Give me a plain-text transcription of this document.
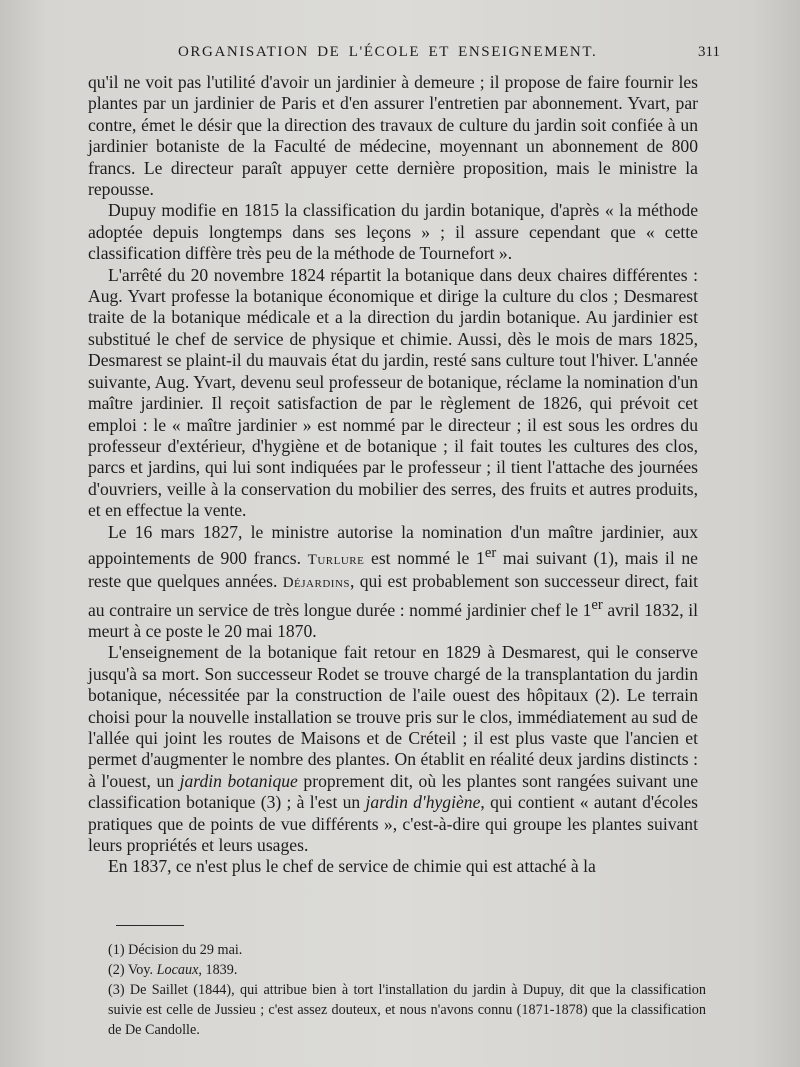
ORGANISATION DE L'ÉCOLE ET ENSEIGNEMENT.	311

qu'il ne voit pas l'utilité d'avoir un jardinier à demeure ; il propose de faire fournir les plantes par un jardinier de Paris et d'en assurer l'entretien par abonnement. Yvart, par contre, émet le désir que la direction des travaux de culture du jardin soit confiée à un jardinier botaniste de la Faculté de médecine, moyennant un abonnement de 800 francs. Le directeur paraît appuyer cette dernière proposition, mais le ministre la repousse.

Dupuy modifie en 1815 la classification du jardin botanique, d'après « la méthode adoptée depuis longtemps dans ses leçons » ; il assure cependant que « cette classification diffère très peu de la méthode de Tournefort ».

L'arrêté du 20 novembre 1824 répartit la botanique dans deux chaires différentes : Aug. Yvart professe la botanique économique et dirige la culture du clos ; Desmarest traite de la botanique médicale et a la direction du jardin botanique. Au jardinier est substitué le chef de service de physique et chimie. Aussi, dès le mois de mars 1825, Desmarest se plaint-il du mauvais état du jardin, resté sans culture tout l'hiver. L'année suivante, Aug. Yvart, devenu seul professeur de botanique, réclame la nomination d'un maître jardinier. Il reçoit satisfaction de par le règlement de 1826, qui prévoit cet emploi : le « maître jardinier » est nommé par le directeur ; il est sous les ordres du professeur d'extérieur, d'hygiène et de botanique ; il fait toutes les cultures des clos, parcs et jardins, qui lui sont indiquées par le professeur ; il tient l'attache des journées d'ouvriers, veille à la conservation du mobilier des serres, des fruits et autres produits, et en effectue la vente.

Le 16 mars 1827, le ministre autorise la nomination d'un maître jardinier, aux appointements de 900 francs. Turlure est nommé le 1er mai suivant (1), mais il ne reste que quelques années. Déjardins, qui est probablement son successeur direct, fait au contraire un service de très longue durée : nommé jardinier chef le 1er avril 1832, il meurt à ce poste le 20 mai 1870.

L'enseignement de la botanique fait retour en 1829 à Desmarest, qui le conserve jusqu'à sa mort. Son successeur Rodet se trouve chargé de la transplantation du jardin botanique, nécessitée par la construction de l'aile ouest des hôpitaux (2). Le terrain choisi pour la nouvelle installation se trouve pris sur le clos, immédiatement au sud de l'allée qui joint les routes de Maisons et de Créteil ; il est plus vaste que l'ancien et permet d'augmenter le nombre des plantes. On établit en réalité deux jardins distincts : à l'ouest, un jardin botanique proprement dit, où les plantes sont rangées suivant une classification botanique (3) ; à l'est un jardin d'hygiène, qui contient « autant d'écoles pratiques que de points de vue différents », c'est-à-dire qui groupe les plantes suivant leurs propriétés et leurs usages.

En 1837, ce n'est plus le chef de service de chimie qui est attaché à la

(1) Décision du 29 mai.

(2) Voy. Locaux, 1839.

(3) De Saillet (1844), qui attribue bien à tort l'installation du jardin à Dupuy, dit que la classification suivie est celle de Jussieu ; c'est assez douteux, et nous n'avons connu (1871-1878) que la classification de De Candolle.
